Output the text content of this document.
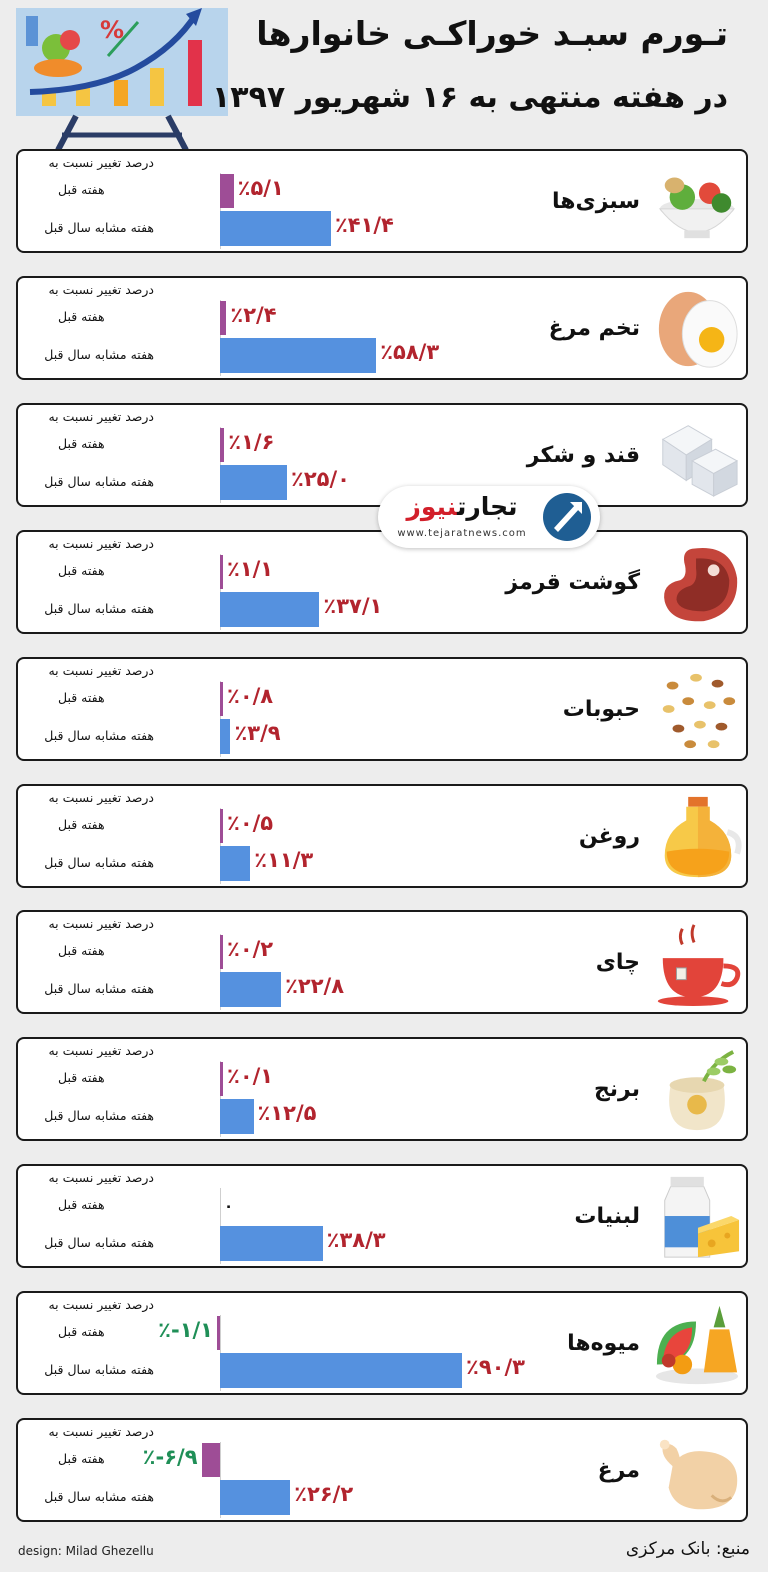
%	تـورم سبـد خوراکـی خانوارها
در هفته منتهی به ۱۶ شهریور ۱۳۹۷
درصد تغییر نسبت به
هفته قبل
هفته مشابه سال قبل
٪۵/۱
٪۴۱/۴
سبزی‌ها
درصد تغییر نسبت به
هفته قبل
هفته مشابه سال قبل
٪۲/۴
٪۵۸/۳
تخم مرغ
درصد تغییر نسبت به
هفته قبل
هفته مشابه سال قبل
٪۱/۶
٪۲۵/۰
قند و شکر
درصد تغییر نسبت به
هفته قبل
هفته مشابه سال قبل
٪۱/۱
٪۳۷/۱
گوشت قرمز
درصد تغییر نسبت به
هفته قبل
هفته مشابه سال قبل
٪۰/۸
٪۳/۹
حبوبات
درصد تغییر نسبت به
هفته قبل
هفته مشابه سال قبل
٪۰/۵
٪۱۱/۳
روغن
درصد تغییر نسبت به
هفته قبل
هفته مشابه سال قبل
٪۰/۲
٪۲۲/۸
چای
درصد تغییر نسبت به
هفته قبل
هفته مشابه سال قبل
٪۰/۱
٪۱۲/۵
برنج
درصد تغییر نسبت به
هفته قبل
هفته مشابه سال قبل
۰
٪۳۸/۳
لبنیات
درصد تغییر نسبت به
هفته قبل
هفته مشابه سال قبل
٪-۱/۱
٪۹۰/۳
میوه‌ها
درصد تغییر نسبت به
هفته قبل
هفته مشابه سال قبل
٪-۶/۹
٪۲۶/۲
مرغ
تجارتنیوز
www.tejaratnews.com
design: Milad Ghezellu	منبع: بانک مرکزی
